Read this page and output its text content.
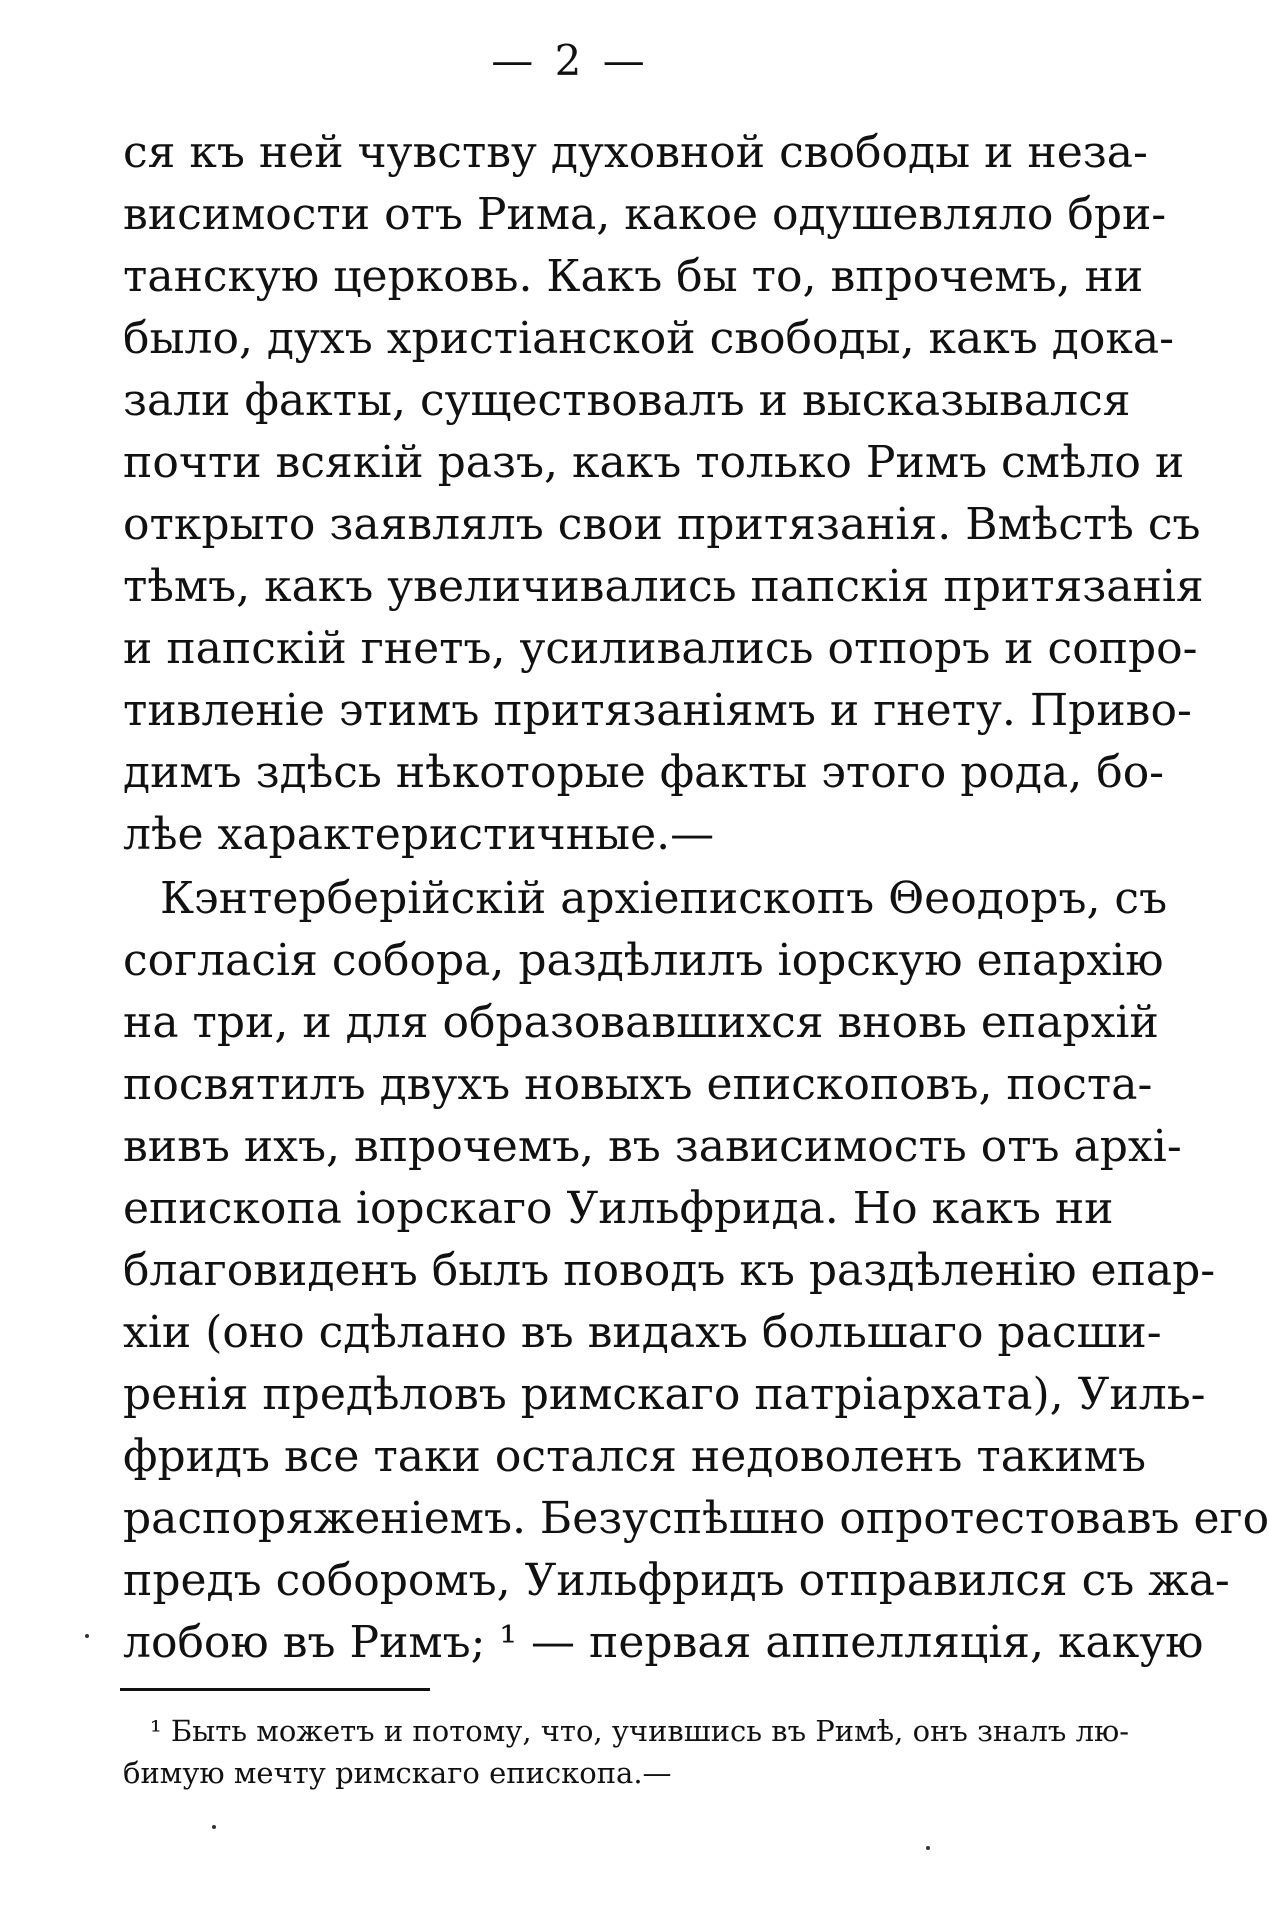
— 2 —
ся къ ней чувству духовной свободы и неза-
висимости отъ Рима, какое одушевляло бри-
танскую церковь. Какъ бы то, впрочемъ, ни
было, духъ христіанской свободы, какъ дока-
зали факты, существовалъ и высказывался
почти всякій разъ, какъ только Римъ смѣло и
открыто заявлялъ свои притязанія. Вмѣстѣ съ
тѣмъ, какъ увеличивались папскія притязанія
и папскій гнетъ, усиливались отпоръ и сопро-
тивленіе этимъ притязаніямъ и гнету. Приво-
димъ здѣсь нѣкоторые факты этого рода, бо-
лѣе характеристичные.—
Кэнтерберійскій архіепископъ Θеодоръ, съ
согласія собора, раздѣлилъ іорскую епархію
на три, и для образовавшихся вновь епархій
посвятилъ двухъ новыхъ епископовъ, поста-
вивъ ихъ, впрочемъ, въ зависимость отъ архі-
епископа іорскаго Уильфрида. Но какъ ни
благовиденъ былъ поводъ къ раздѣленію епар-
хіи (оно сдѣлано въ видахъ большаго расши-
ренія предѣловъ римскаго патріархата), Уиль-
фридъ все таки остался недоволенъ такимъ
распоряженіемъ. Безуспѣшно опротестовавъ его
предъ соборомъ, Уильфридъ отправился съ жа-
лобою въ Римъ; ¹ — первая аппелляція, какую
¹ Быть можетъ и потому, что, учившись въ Римѣ, онъ зналъ лю-
бимую мечту римскаго епископа.—
